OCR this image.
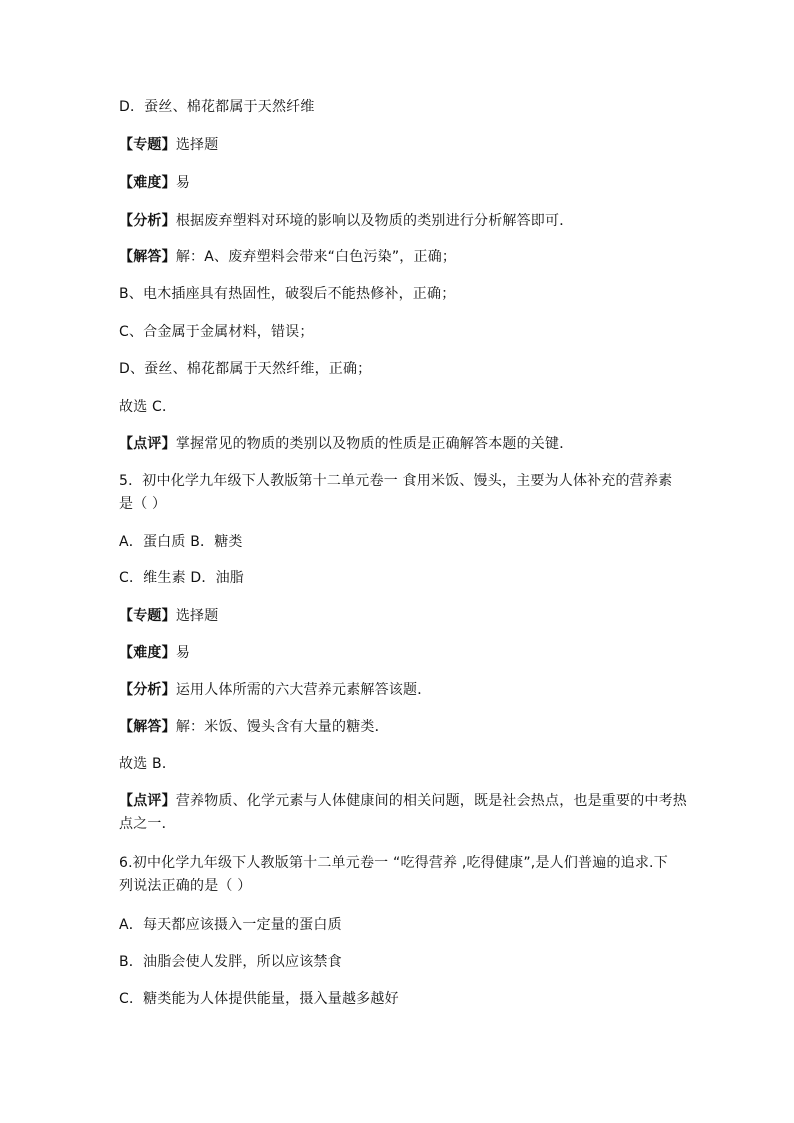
D．蚕丝、棉花都属于天然纤维
【专题】选择题
【难度】易
【分析】根据废弃塑料对环境的影响以及物质的类别进行分析解答即可．
【解答】解：A、废弃塑料会带来“白色污染”，正确；
B、电木插座具有热固性，破裂后不能热修补，正确；
C、合金属于金属材料，错误；
D、蚕丝、棉花都属于天然纤维，正确；
故选 C．
【点评】掌握常见的物质的类别以及物质的性质是正确解答本题的关键．
5．初中化学九年级下人教版第十二单元卷一 食用米饭、馒头，主要为人体补充的营养素
是（ ）
A．蛋白质 B．糖类
C．维生素 D．油脂
【专题】选择题
【难度】易
【分析】运用人体所需的六大营养元素解答该题．
【解答】解：米饭、馒头含有大量的糖类．
故选 B．
【点评】营养物质、化学元素与人体健康间的相关问题，既是社会热点，也是重要的中考热
点之一．
6.初中化学九年级下人教版第十二单元卷一 “吃得营养 ,吃得健康”,是人们普遍的追求.下
列说法正确的是（ ）
A．每天都应该摄入一定量的蛋白质
B．油脂会使人发胖，所以应该禁食
C．糖类能为人体提供能量，摄入量越多越好
